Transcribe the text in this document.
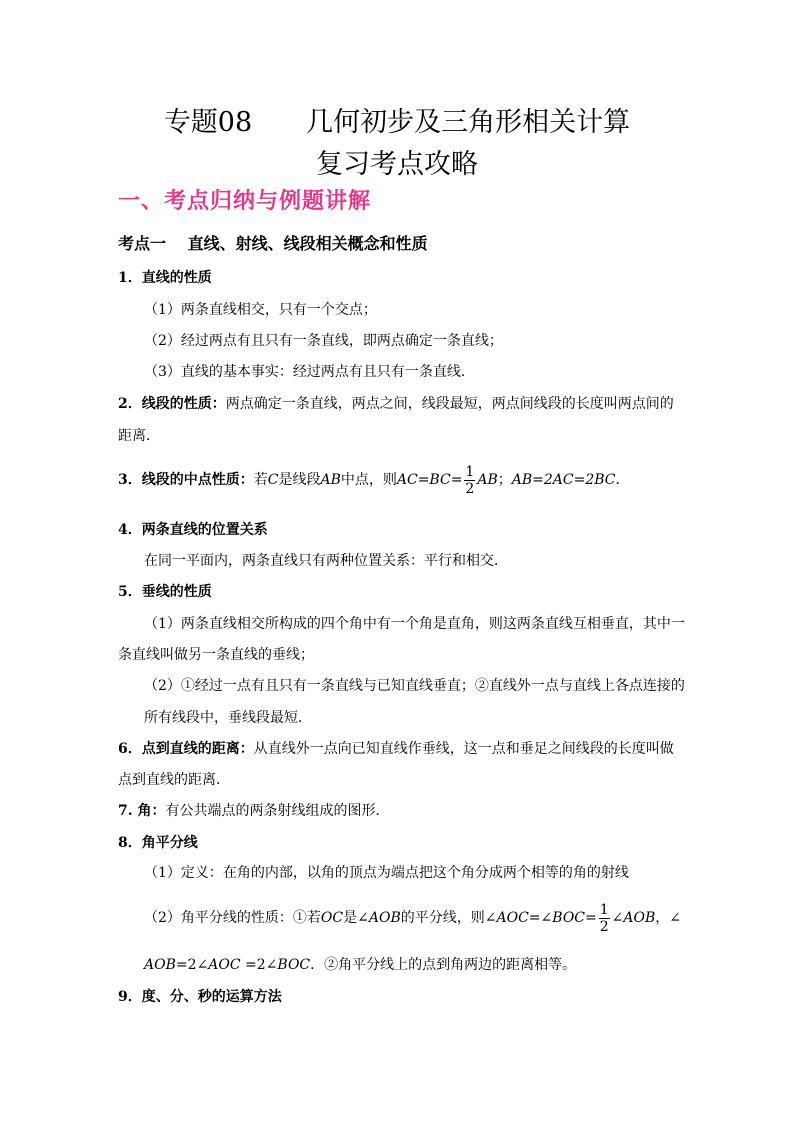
专题08　　几何初步及三角形相关计算
复习考点攻略
一、考点归纳与例题讲解
考点一　 直线、射线、线段相关概念和性质
1．直线的性质
（1）两条直线相交，只有一个交点；
（2）经过两点有且只有一条直线，即两点确定一条直线；
（3）直线的基本事实：经过两点有且只有一条直线．
2．线段的性质：两点确定一条直线，两点之间，线段最短，两点间线段的长度叫两点间的
距离．
3．线段的中点性质：若C是线段AB中点，则$AC=BC= \frac{1}{2}$ AB；AB=2AC=2BC．
4．两条直线的位置关系
在同一平面内，两条直线只有两种位置关系：平行和相交．
5．垂线的性质
（1）两条直线相交所构成的四个角中有一个角是直角，则这两条直线互相垂直，其中一
条直线叫做另一条直线的垂线；
（2）①经过一点有且只有一条直线与已知直线垂直；②直线外一点与直线上各点连接的
所有线段中，垂线段最短．
6．点到直线的距离：从直线外一点向已知直线作垂线，这一点和垂足之间线段的长度叫做
点到直线的距离．
7. 角：有公共端点的两条射线组成的图形．
8．角平分线
（1）定义：在角的内部，以角的顶点为端点把这个角分成两个相等的角的射线
（2）角平分线的性质：①若OC是∠AOB的平分线，则∠AOC=∠BOC= $\frac{1}{2}$ ∠AOB，∠
AOB=2∠AOC =2∠BOC．②角平分线上的点到角两边的距离相等。
9．度、分、秒的运算方法
